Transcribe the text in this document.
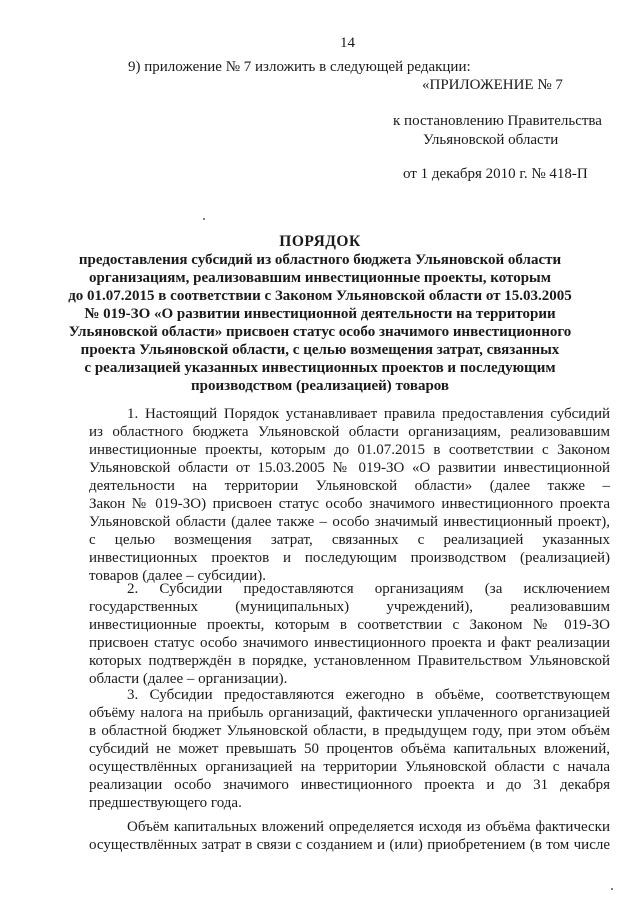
14
9) приложение № 7 изложить в следующей редакции:
«ПРИЛОЖЕНИЕ № 7
к постановлению Правительства
Ульяновской области
от 1 декабря 2010 г. № 418-П
ПОРЯДОК
предоставления субсидий из областного бюджета Ульяновской области
организациям, реализовавшим инвестиционные проекты, которым
до 01.07.2015 в соответствии с Законом Ульяновской области от 15.03.2005
№ 019-ЗО «О развитии инвестиционной деятельности на территории
Ульяновской области» присвоен статус особо значимого инвестиционного
проекта Ульяновской области, с целью возмещения затрат, связанных
с реализацией указанных инвестиционных проектов и последующим
производством (реализацией) товаров
1. Настоящий Порядок устанавливает правила предоставления субсидий
из областного бюджета Ульяновской области организациям, реализовавшим
инвестиционные проекты, которым до 01.07.2015 в соответствии с Законом
Ульяновской области от 15.03.2005 № 019-ЗО «О развитии инвестиционной
деятельности на территории Ульяновской области» (далее также –
Закон № 019-ЗО) присвоен статус особо значимого инвестиционного проекта
Ульяновской области (далее также – особо значимый инвестиционный проект),
с целью возмещения затрат, связанных с реализацией указанных
инвестиционных проектов и последующим производством (реализацией)
товаров (далее – субсидии).
2. Субсидии предоставляются организациям (за исключением
государственных (муниципальных) учреждений), реализовавшим
инвестиционные проекты, которым в соответствии с Законом № 019-ЗО
присвоен статус особо значимого инвестиционного проекта и факт реализации
которых подтверждён в порядке, установленном Правительством Ульяновской
области (далее – организации).
3. Субсидии предоставляются ежегодно в объёме, соответствующем
объёму налога на прибыль организаций, фактически уплаченного организацией
в областной бюджет Ульяновской области, в предыдущем году, при этом объём
субсидий не может превышать 50 процентов объёма капитальных вложений,
осуществлённых организацией на территории Ульяновской области с начала
реализации особо значимого инвестиционного проекта и до 31 декабря
предшествующего года.
Объём капитальных вложений определяется исходя из объёма фактически
осуществлённых затрат в связи с созданием и (или) приобретением (в том числе
